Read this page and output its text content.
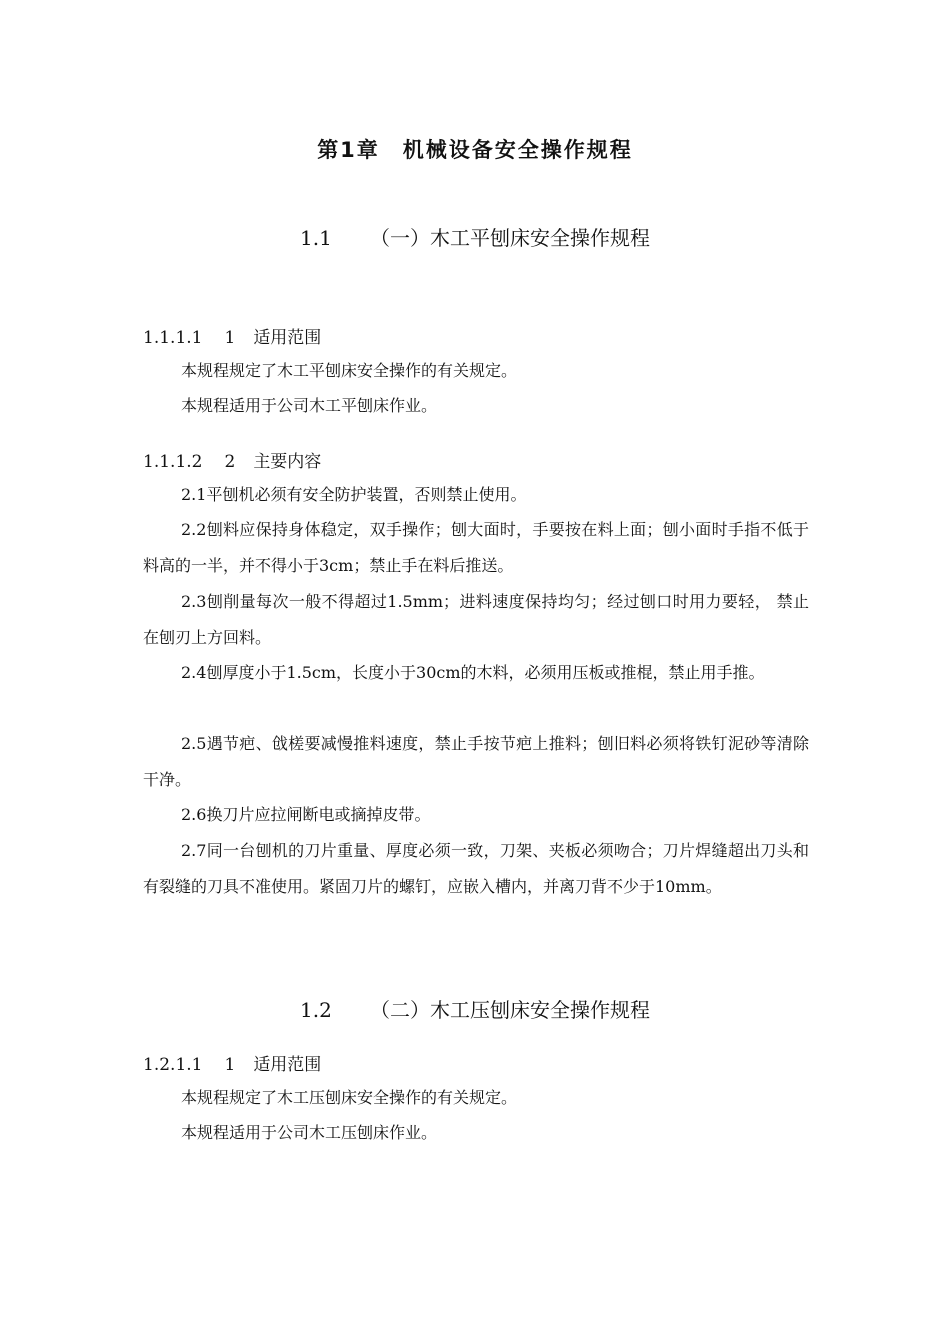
第1章　机械设备安全操作规程
1.1 （一）木工平刨床安全操作规程
1.1.1.1 1 适用范围
本规程规定了木工平刨床安全操作的有关规定。
本规程适用于公司木工平刨床作业。
1.1.1.2 2 主要内容
2.1平刨机必须有安全防护装置，否则禁止使用。
2.2刨料应保持身体稳定，双手操作；刨大面时，手要按在料上面；刨小面时手指不低于料高的一半，并不得小于3cm；禁止手在料后推送。
2.3刨削量每次一般不得超过1.5mm；进料速度保持均匀；经过刨口时用力要轻， 禁止在刨刃上方回料。
2.4刨厚度小于1.5cm，长度小于30cm的木料，必须用压板或推棍，禁止用手推。
2.5遇节疤、戗槎要减慢推料速度，禁止手按节疤上推料；刨旧料必须将铁钉泥砂等清除干净。
2.6换刀片应拉闸断电或摘掉皮带。
2.7同一台刨机的刀片重量、厚度必须一致，刀架、夹板必须吻合；刀片焊缝超出刀头和有裂缝的刀具不准使用。紧固刀片的螺钉，应嵌入槽内，并离刀背不少于10mm。
1.2 （二）木工压刨床安全操作规程
1.2.1.1 1 适用范围
本规程规定了木工压刨床安全操作的有关规定。
本规程适用于公司木工压刨床作业。
